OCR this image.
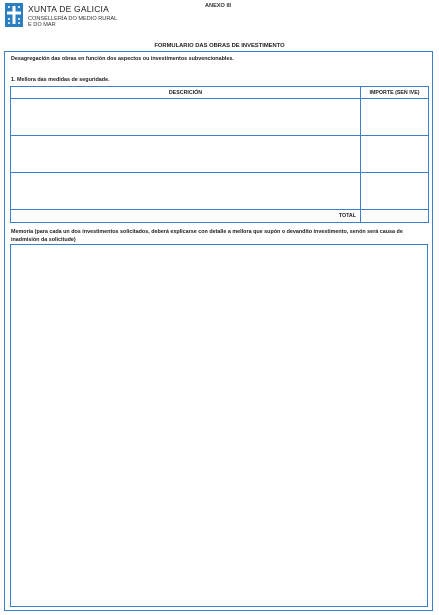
XUNTA DE GALICIA
CONSELLERÍA DO MEDIO RURAL
E DO MAR
ANEXO III
FORMULARIO DAS OBRAS DE INVESTIMENTO
Desagregación das obras en función dos aspectos ou investimentos subvencionables.
1. Mellora das medidas de seguridade.
DESCRICIÓN	IMPORTE (SEN IVE)

TOTAL	
Memoria (para cada un dos investimentos solicitados, deberá explicarse con detalle a mellora que supón o devandito investimento, senón será causa de inadmisión da solicitude)
